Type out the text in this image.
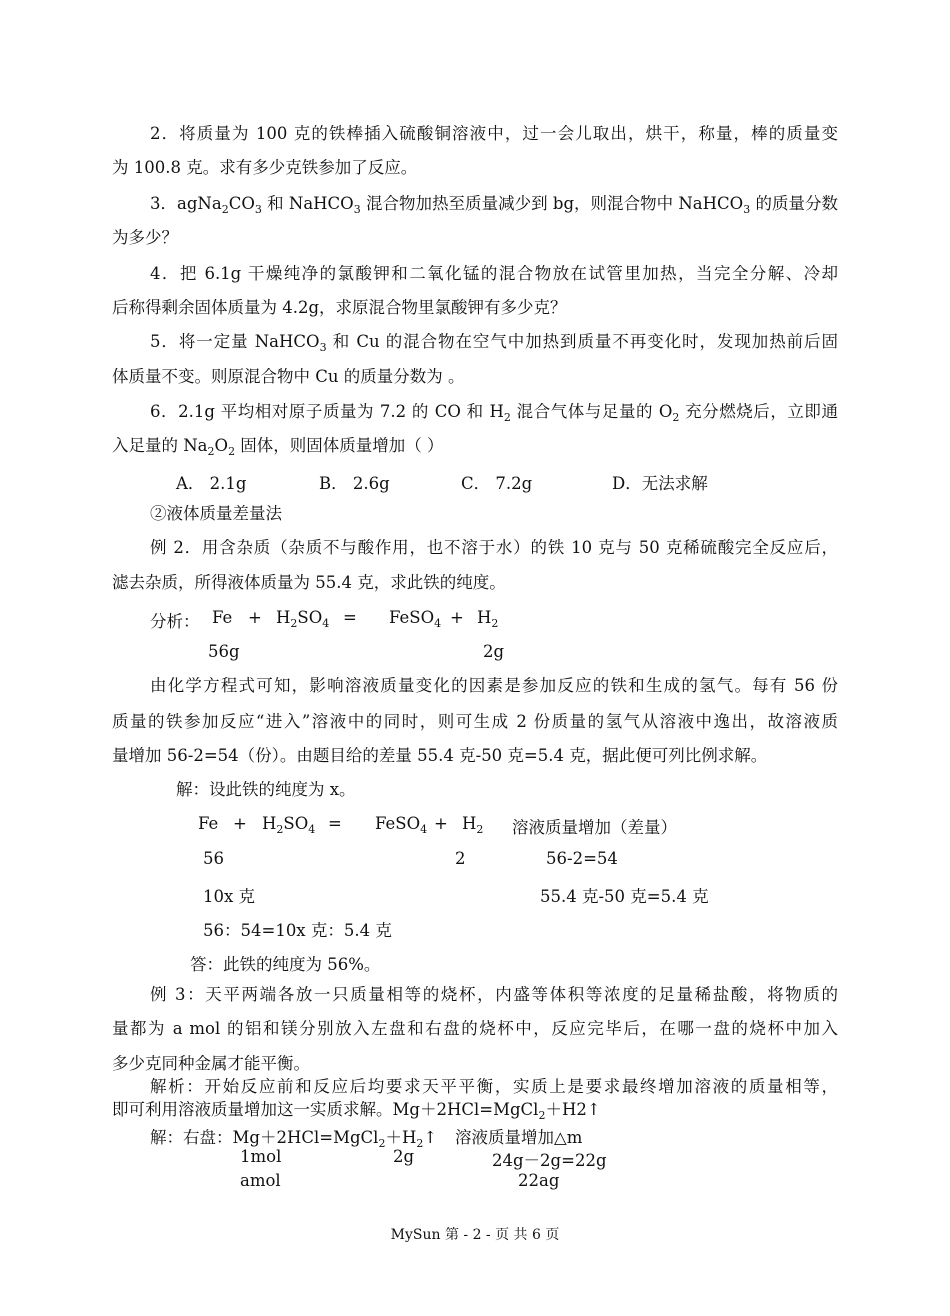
2．将质量为 100 克的铁棒插入硫酸铜溶液中，过一会儿取出，烘干，称量，棒的质量变
为 100.8 克。求有多少克铁参加了反应。
3．$agNa_2CO_3$ 和 NaHCO$_3$ 混合物加热至质量减少到 bg，则混合物中 NaHCO$_3$ 的质量分数
为多少？
4．把 6.1g 干燥纯净的氯酸钾和二氧化锰的混合物放在试管里加热，当完全分解、冷却
后称得剩余固体质量为 4.2g，求原混合物里氯酸钾有多少克？
5．将一定量 NaHCO$_3$ 和 Cu 的混合物在空气中加热到质量不再变化时，发现加热前后固
体质量不变。则原混合物中 Cu 的质量分数为 。
6．2.1g 平均相对原子质量为 7.2 的 CO 和 $H_2$ 混合气体与足量的 $O_2$ 充分燃烧后，立即通
入足量的 $Na_2O_2$ 固体，则固体质量增加（ ）
A． 2.1g	B． 2.6g	C． 7.2g	D．无法求解
②液体质量差量法
例 2．用含杂质（杂质不与酸作用，也不溶于水）的铁 10 克与 50 克稀硫酸完全反应后，
滤去杂质，所得液体质量为 55.4 克，求此铁的纯度。
分析： $Fe + H_2SO_4$ = FeSO$_4$ + $H_2$
56g	2g
由化学方程式可知，影响溶液质量变化的因素是参加反应的铁和生成的氢气。每有 56 份
质量的铁参加反应“进入”溶液中的同时，则可生成 2 份质量的氢气从溶液中逸出，故溶液质
量增加 56-2=54（份）。由题目给的差量 55.4 克-50 克=5.4 克，据此便可列比例求解。
解：设此铁的纯度为 x。
$Fe + H_2SO_4$ = FeSO$_4$ + $H_2$ 溶液质量增加（差量）
56	2	56-2=54
10x 克	55.4 克-50 克=5.4 克
56：54=10x 克：5.4 克
答：此铁的纯度为 56%。
例 3：天平两端各放一只质量相等的烧杯，内盛等体积等浓度的足量稀盐酸，将物质的
量都为 a mol 的铝和镁分别放入左盘和右盘的烧杯中，反应完毕后，在哪一盘的烧杯中加入
多少克同种金属才能平衡。
解析：开始反应前和反应后均要求天平平衡，实质上是要求最终增加溶液的质量相等，
即可利用溶液质量增加这一实质求解。Mg＋2HCl=MgCl$_2$＋H2↑
解：右盘：$Mg+2HCl=MgCl_2+H_2↑$ 溶液质量增加△m
1mol	2g	24g－2g=22g
amol	22ag
MySun 第 - 2 - 页 共 6 页
